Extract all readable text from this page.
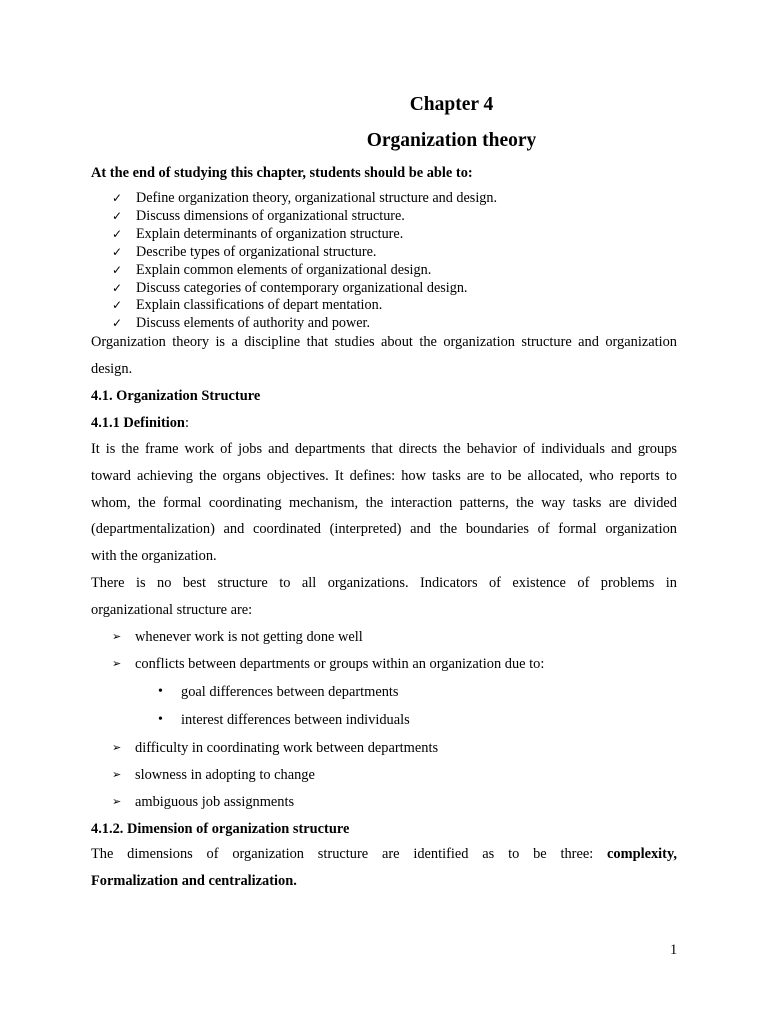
Chapter 4
Organization theory
At the end of studying this chapter, students should be able to:
✓ Define organization theory, organizational structure and design.
✓ Discuss dimensions of organizational structure.
✓ Explain determinants of organization structure.
✓ Describe types of organizational structure.
✓ Explain common elements of organizational design.
✓ Discuss categories of contemporary organizational design.
✓ Explain classifications of depart mentation.
✓ Discuss elements of authority and power.
Organization theory is a discipline that studies about the organization structure and organization
design.
4.1. Organization Structure
4.1.1 Definition:
It is the frame work of jobs and departments that directs the behavior of individuals and groups
toward achieving the organs objectives. It defines: how tasks are to be allocated, who reports to
whom, the formal coordinating mechanism, the interaction patterns, the way tasks are divided
(departmentalization) and coordinated (interpreted) and the boundaries of formal organization
with the organization.
There is no best structure to all organizations. Indicators of existence of problems in
organizational structure are:
➢ whenever work is not getting done well
➢ conflicts between departments or groups within an organization due to:
• goal differences between departments
• interest differences between individuals
➢ difficulty in coordinating work between departments
➢ slowness in adopting to change
➢ ambiguous job assignments
4.1.2. Dimension of organization structure
The dimensions of organization structure are identified as to be three: complexity,
Formalization and centralization.
1
